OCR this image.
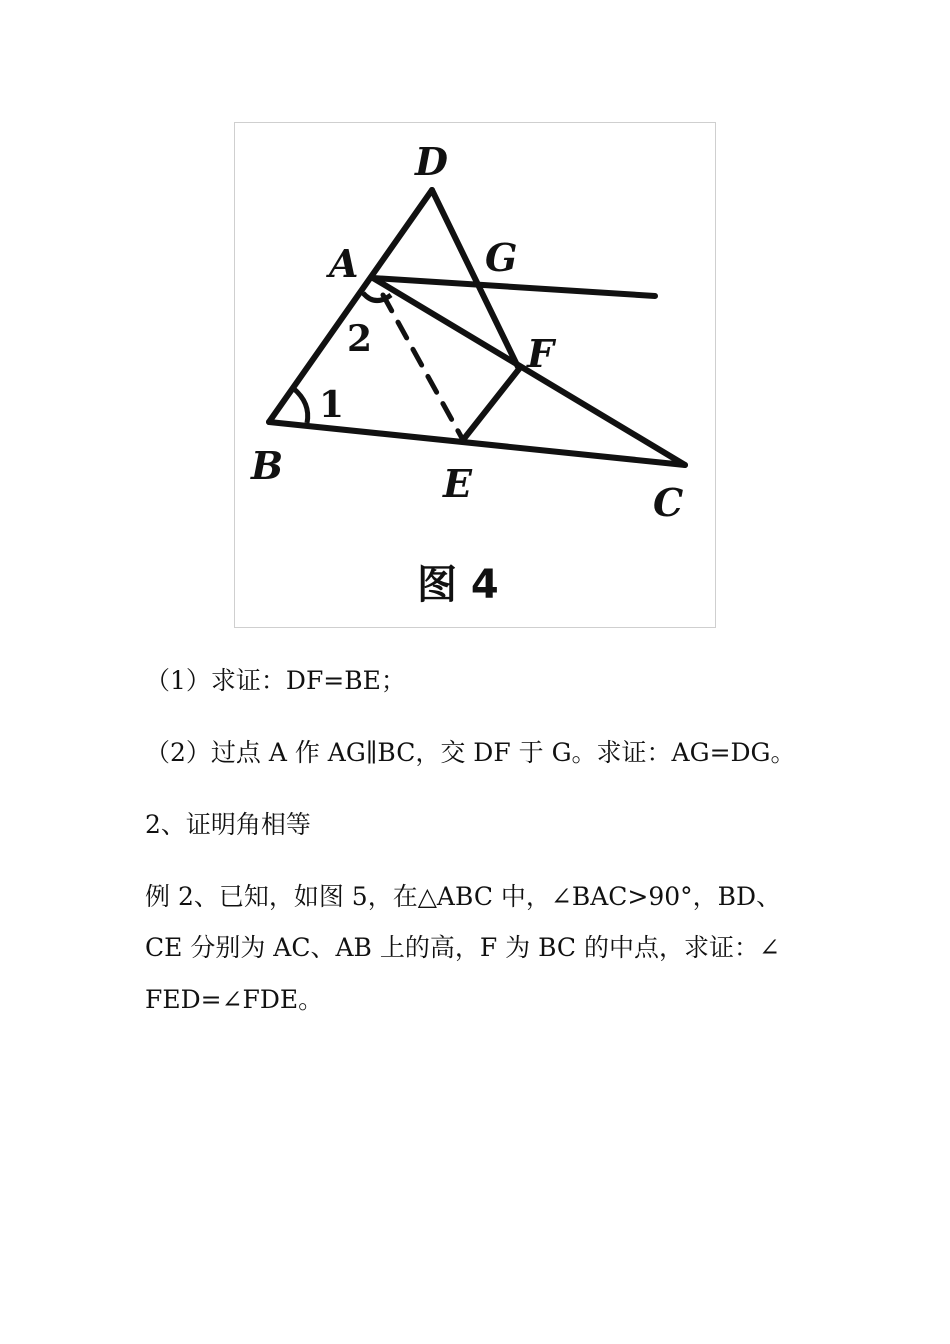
D
A	G
F
B	E	C
1
2
图 4
（1）求证：DF=BE；
（2）过点 A 作 AG∥BC，交 DF 于 G。求证：AG=DG。
2、证明角相等
例 2、已知，如图 5，在△ABC 中，∠BAC>90°，BD、
CE 分别为 AC、AB 上的高，F 为 BC 的中点，求证：∠
FED=∠FDE。
